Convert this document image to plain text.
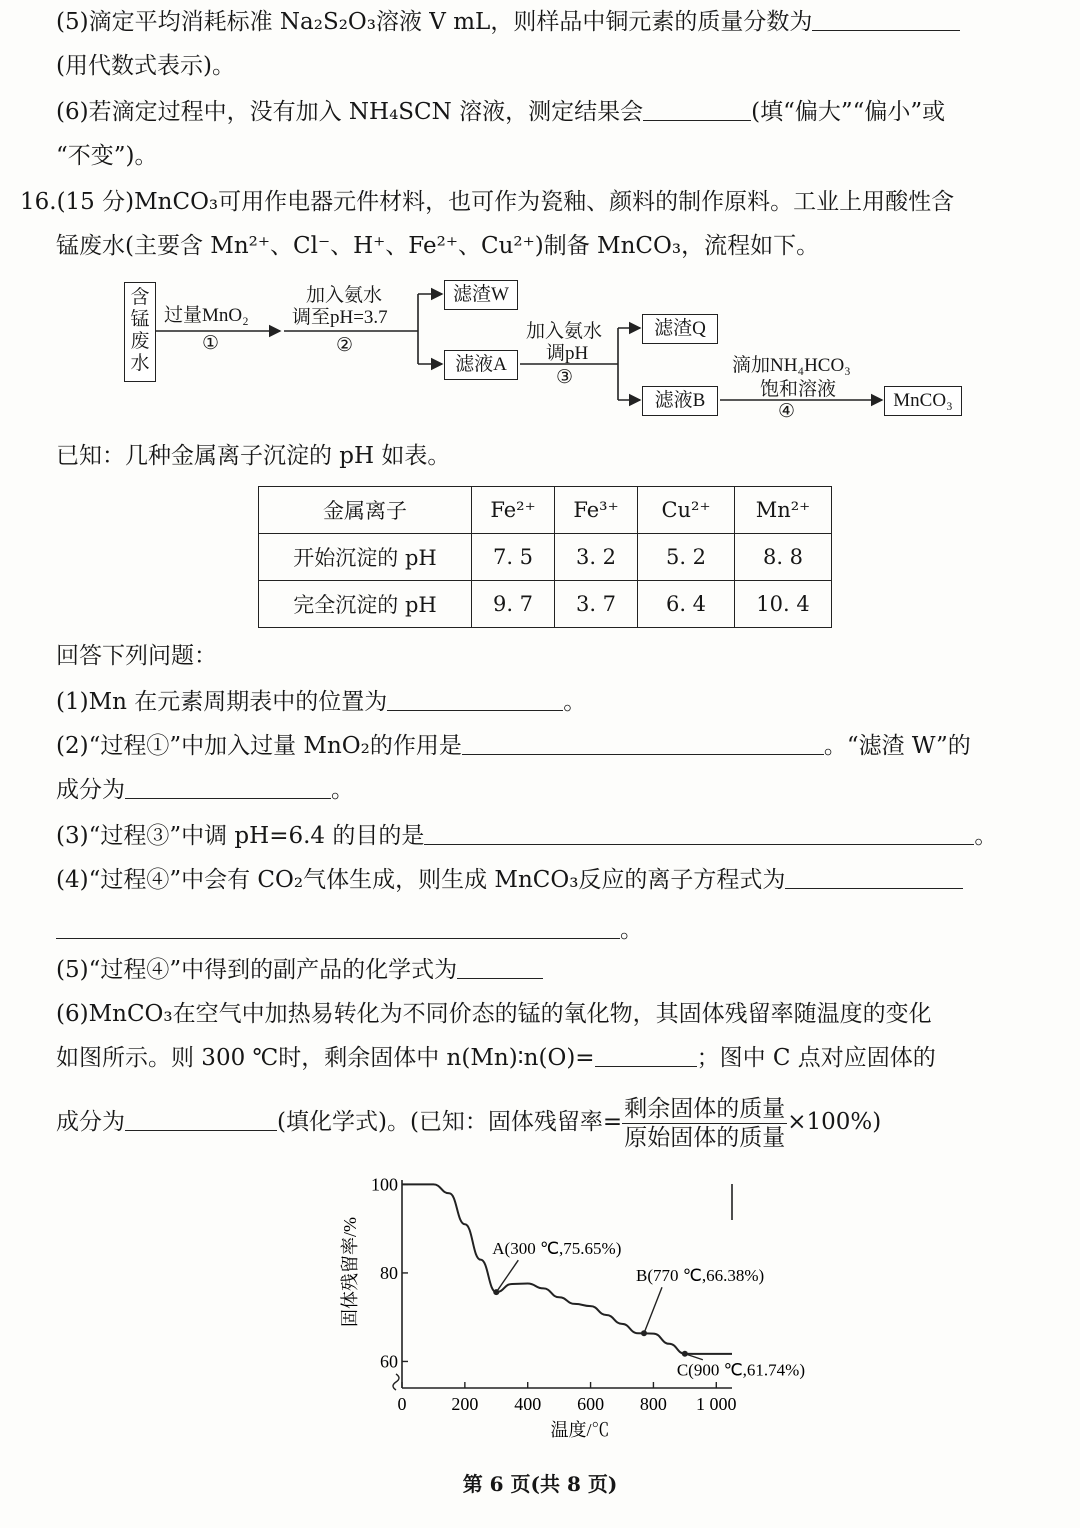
(5)滴定平均消耗标准 Na₂S₂O₃溶液 V mL，则样品中铜元素的质量分数为
(用代数式表示)。
(6)若滴定过程中，没有加入 NH₄SCN 溶液，测定结果会	(填“偏大”“偏小”或
“不变”)。
16.(15 分)MnCO₃可用作电器元件材料，也可作为瓷釉、颜料的制作原料。工业上用酸性含
锰废水(主要含 Mn²⁺、Cl⁻、H⁺、Fe²⁺、Cu²⁺)制备 MnCO₃，流程如下。
含锰废水
过量MnO₂
①
加入氨水
调至pH=3.7
②
滤渣W
滤液A
加入氨水
调pH
③
滤渣Q
滤液B
滴加NH₄HCO₃
饱和溶液
④
MnCO₃
已知：几种金属离子沉淀的 pH 如表。
金属离子	Fe²⁺	Fe³⁺	Cu²⁺	Mn²⁺
开始沉淀的 pH	7. 5	3. 2	5. 2	8. 8
完全沉淀的 pH	9. 7	3. 7	6. 4	10. 4
回答下列问题：
(1)Mn 在元素周期表中的位置为	。
(2)“过程①”中加入过量 MnO₂的作用是	。“滤渣 W”的
成分为	。
(3)“过程③”中调 pH=6.4 的目的是	。
(4)“过程④”中会有 CO₂气体生成，则生成 MnCO₃反应的离子方程式为
。
(5)“过程④”中得到的副产品的化学式为
(6)MnCO₃在空气中加热易转化为不同价态的锰的氧化物，其固体残留率随温度的变化
如图所示。则 300 ℃时，剩余固体中 n(Mn)∶n(O)=	；图中 C 点对应固体的
成分为	(填化学式)。(已知：固体残留率= $\frac{\text{剩余固体的质量}}{\text{原始固体的质量}} \times 100\%$)
固体残留率/%
温度/℃
100
80
60
0 200 400 600 800 1 000
A(300 ℃,75.65%)
B(770 ℃,66.38%)
C(900 ℃,61.74%)
第 6 页(共 8 页)
